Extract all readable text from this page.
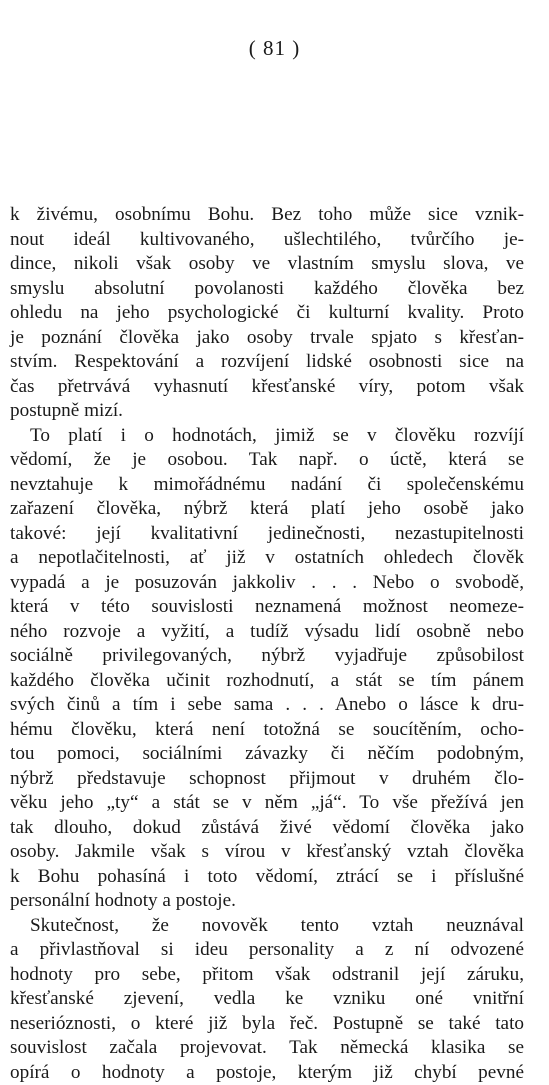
( 81 )
k živému, osobnímu Bohu. Bez toho může sice vznik-
nout ideál kultivovaného, ušlechtilého, tvůrčího je-
dince, nikoli však osoby ve vlastním smyslu slova, ve
smyslu absolutní povolanosti každého člověka bez
ohledu na jeho psychologické či kulturní kvality. Proto
je poznání člověka jako osoby trvale spjato s křesťan-
stvím. Respektování a rozvíjení lidské osobnosti sice na
čas přetrvává vyhasnutí křesťanské víry, potom však
postupně mizí.
To platí i o hodnotách, jimiž se v člověku rozvíjí
vědomí, že je osobou. Tak např. o úctě, která se
nevztahuje k mimořádnému nadání či společenskému
zařazení člověka, nýbrž která platí jeho osobě jako
takové: její kvalitativní jedinečnosti, nezastupitelnosti
a nepotlačitelnosti, ať již v ostatních ohledech člověk
vypadá a je posuzován jakkoliv . . . Nebo o svobodě,
která v této souvislosti neznamená možnost neomeze-
ného rozvoje a vyžití, a tudíž výsadu lidí osobně nebo
sociálně privilegovaných, nýbrž vyjadřuje způsobilost
každého člověka učinit rozhodnutí, a stát se tím pánem
svých činů a tím i sebe sama . . . Anebo o lásce k dru-
hému člověku, která není totožná se soucítěním, ocho-
tou pomoci, sociálními závazky či něčím podobným,
nýbrž představuje schopnost přijmout v druhém člo-
věku jeho „ty“ a stát se v něm „já“. To vše přežívá jen
tak dlouho, dokud zůstává živé vědomí člověka jako
osoby. Jakmile však s vírou v křesťanský vztah člověka
k Bohu pohasíná i toto vědomí, ztrácí se i příslušné
personální hodnoty a postoje.
Skutečnost, že novověk tento vztah neuznával
a přivlastňoval si ideu personality a z ní odvozené
hodnoty pro sebe, přitom však odstranil její záruku,
křesťanské zjevení, vedla ke vzniku oné vnitřní
neserióznosti, o které již byla řeč. Postupně se také tato
souvislost začala projevovat. Tak německá klasika se
opírá o hodnoty a postoje, kterým již chybí pevné
